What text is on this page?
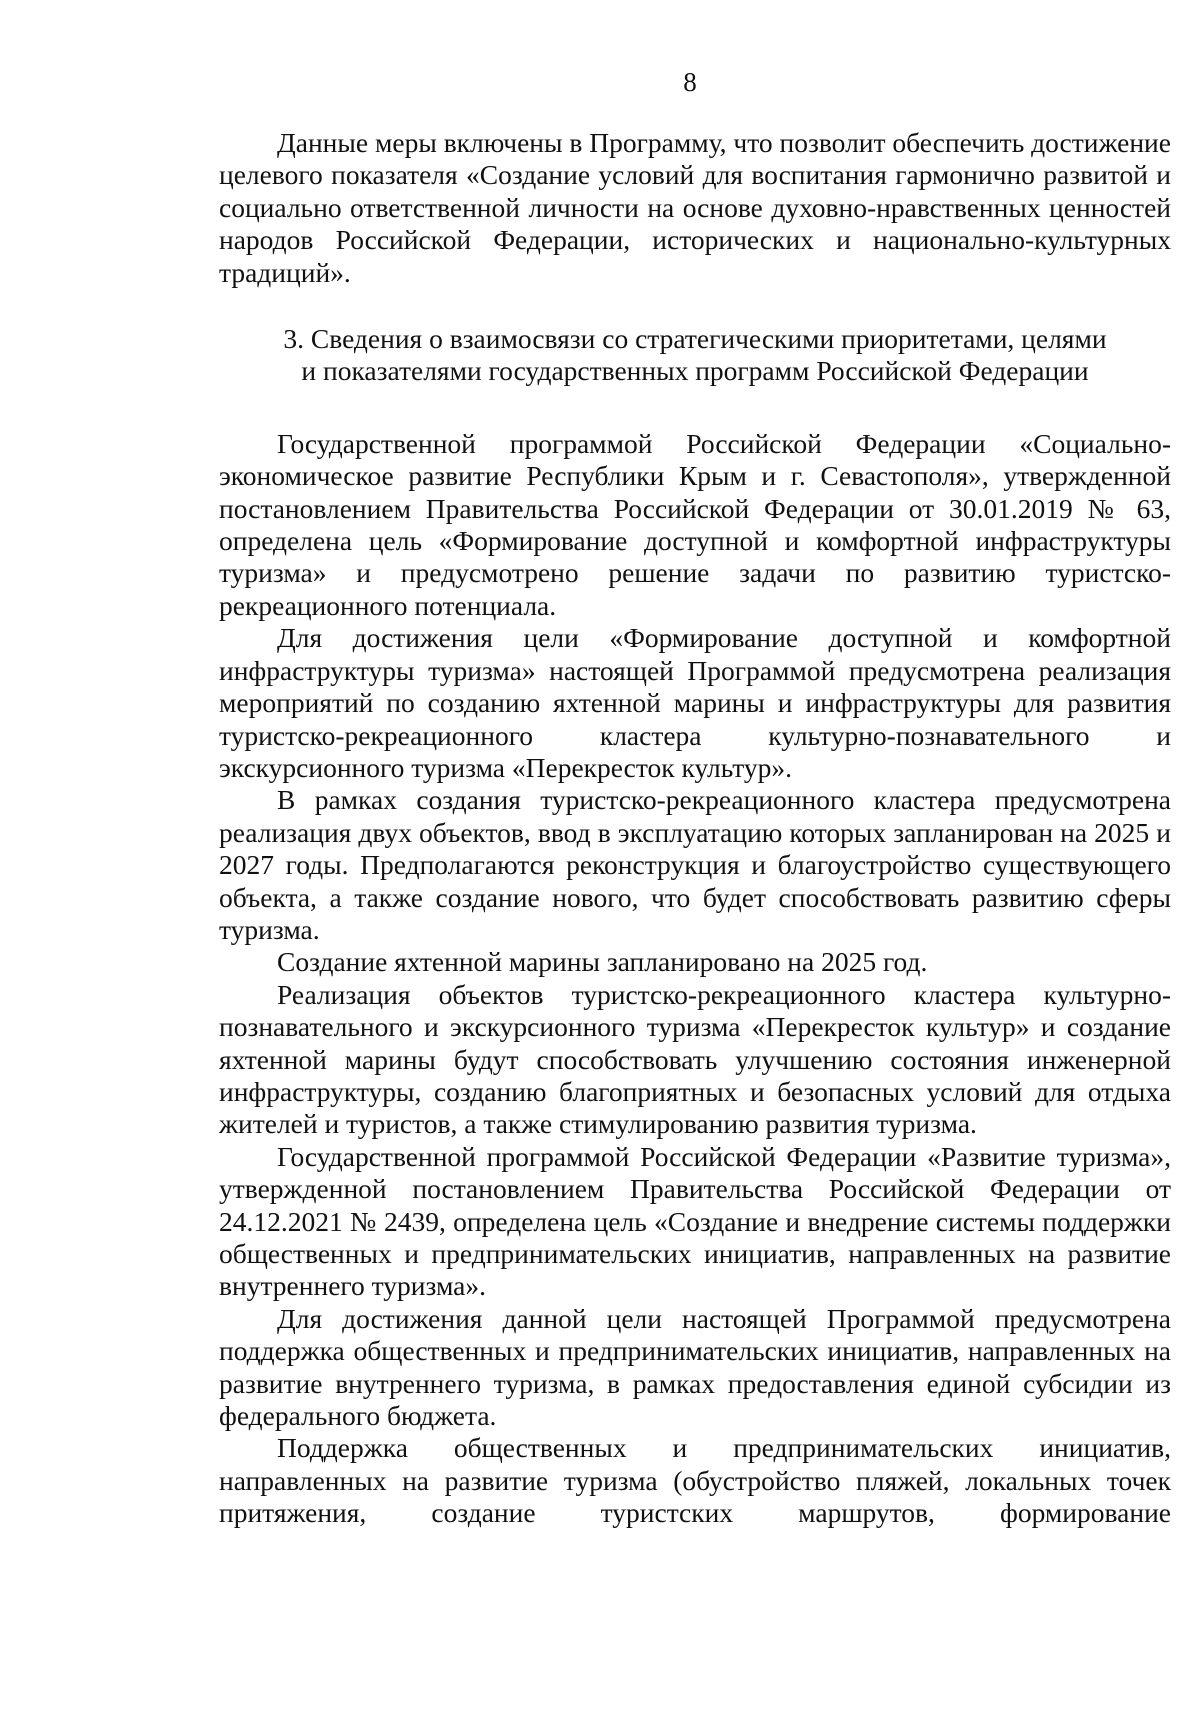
8

Данные меры включены в Программу, что позволит обеспечить достижение целевого показателя «Создание условий для воспитания гармонично развитой и социально ответственной личности на основе духовно-нравственных ценностей народов Российской Федерации, исторических и национально-культурных традиций».

3. Сведения о взаимосвязи со стратегическими приоритетами, целями
и показателями государственных программ Российской Федерации

Государственной программой Российской Федерации «Социально-экономическое развитие Республики Крым и г. Севастополя», утвержденной постановлением Правительства Российской Федерации от 30.01.2019 № 63, определена цель «Формирование доступной и комфортной инфраструктуры туризма» и предусмотрено решение задачи по развитию туристско-рекреационного потенциала.

Для достижения цели «Формирование доступной и комфортной инфраструктуры туризма» настоящей Программой предусмотрена реализация мероприятий по созданию яхтенной марины и инфраструктуры для развития туристско-рекреационного кластера культурно-познавательного и экскурсионного туризма «Перекресток культур».

В рамках создания туристско-рекреационного кластера предусмотрена реализация двух объектов, ввод в эксплуатацию которых запланирован на 2025 и 2027 годы. Предполагаются реконструкция и благоустройство существующего объекта, а также создание нового, что будет способствовать развитию сферы туризма.

Создание яхтенной марины запланировано на 2025 год.

Реализация объектов туристско-рекреационного кластера культурно-познавательного и экскурсионного туризма «Перекресток культур» и создание яхтенной марины будут способствовать улучшению состояния инженерной инфраструктуры, созданию благоприятных и безопасных условий для отдыха жителей и туристов, а также стимулированию развития туризма.

Государственной программой Российской Федерации «Развитие туризма», утвержденной постановлением Правительства Российской Федерации от 24.12.2021 № 2439, определена цель «Создание и внедрение системы поддержки общественных и предпринимательских инициатив, направленных на развитие внутреннего туризма».

Для достижения данной цели настоящей Программой предусмотрена поддержка общественных и предпринимательских инициатив, направленных на развитие внутреннего туризма, в рамках предоставления единой субсидии из федерального бюджета.

Поддержка общественных и предпринимательских инициатив, направленных на развитие туризма (обустройство пляжей, локальных точек притяжения, создание туристских маршрутов, формирование
